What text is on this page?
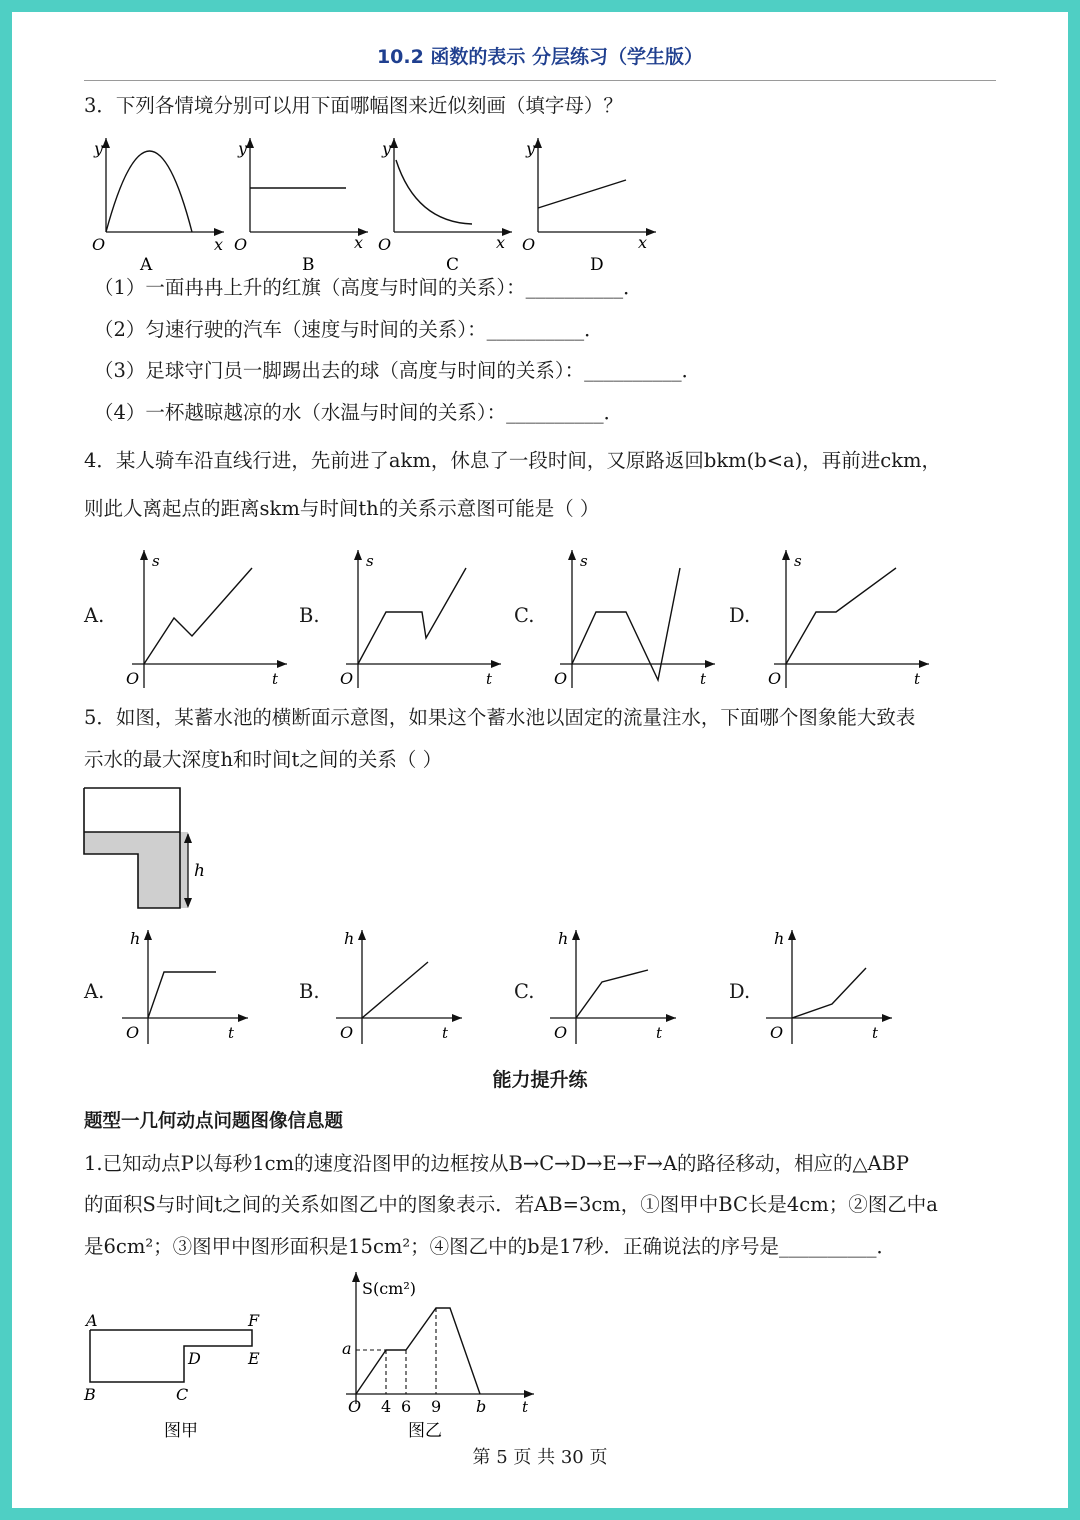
10.2 函数的表示 分层练习（学生版）
3．下列各情境分别可以用下面哪幅图来近似刻画（填字母）？
y
x
O
A
y
x
O
B
y
x
O
C
y
x
O
D
（1）一面冉冉上升的红旗（高度与时间的关系）：__________．
（2）匀速行驶的汽车（速度与时间的关系）：__________．
（3）足球守门员一脚踢出去的球（高度与时间的关系）：__________．
（4）一杯越晾越凉的水（水温与时间的关系）：__________．
4．某人骑车沿直线行进，先前进了akm，休息了一段时间，又原路返回bkm(b<a)，再前进ckm，
则此人离起点的距离skm与时间th的关系示意图可能是（ ）
A.
s
t
O
B.
s
t
O
C.
s
t
O
D.
s
t
O
5．如图，某蓄水池的横断面示意图，如果这个蓄水池以固定的流量注水，下面哪个图象能大致表
示水的最大深度h和时间t之间的关系（ ）
h
A.
h
t
O
B.
h
t
O
C.
h
t
O
D.
h
t
O
能力提升练
题型一几何动点问题图像信息题
1.已知动点P以每秒1cm的速度沿图甲的边框按从B→C→D→E→F→A的路径移动，相应的△ABP
的面积S与时间t之间的关系如图乙中的图象表示．若AB=3cm，①图甲中BC长是4cm；②图乙中a
是6cm²；③图甲中图形面积是15cm²；④图乙中的b是17秒．正确说法的序号是__________．
A	F
D	E
B	C
图甲
S(cm²)
t
O
a
4 6 9 b
图乙
第 5 页 共 30 页
